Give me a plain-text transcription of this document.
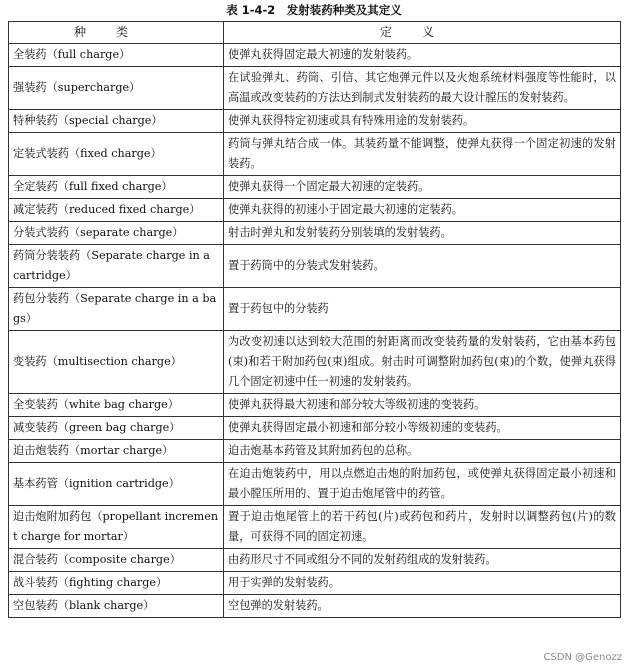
表 1-4-2　发射装药种类及其定义
种类	定义
全装药（full charge）	使弹丸获得固定最大初速的发射装药。
强装药（supercharge）	在试验弹丸、药筒、引信、其它炮弹元件以及火炮系统材料强度等性能时，以高温或改变装药的方法达到制式发射装药的最大设计膛压的发射装药。
特种装药（special charge）	使弹丸获得特定初速或具有特殊用途的发射装药。
定装式装药（fixed charge）	药筒与弹丸结合成一体。其装药量不能调整，使弹丸获得一个固定初速的发射装药。
全定装药（full fixed charge）	使弹丸获得一个固定最大初速的定装药。
减定装药（reduced fixed charge）	使弹丸获得的初速小于固定最大初速的定装药。
分装式装药（separate charge）	射击时弹丸和发射装药分别装填的发射装药。
药筒分装装药（Separate charge in a cartridge）	置于药筒中的分装式发射装药。
药包分装药（Separate charge in a bags）	置于药包中的分装药
变装药（multisection charge）	为改变初速以达到较大范围的射距离而改变装药量的发射装药，它由基本药包(束)和若干附加药包(束)组成。射击时可调整附加药包(束)的个数，使弹丸获得几个固定初速中任一初速的发射装药。
全变装药（white bag charge）	使弹丸获得最大初速和部分较大等级初速的变装药。
减变装药（green bag charge）	使弹丸获得固定最小初速和部分较小等级初速的变装药。
迫击炮装药（mortar charge）	迫击炮基本药管及其附加药包的总称。
基本药管（ignition cartridge）	在迫击炮装药中，用以点燃迫击炮的附加药包，或使弹丸获得固定最小初速和最小膛压所用的、置于迫击炮尾管中的药管。
迫击炮附加药包（propellant increment charge for mortar）	置于迫击炮尾管上的若干药包(片)或药包和药片，发射时以调整药包(片)的数量，可获得不同的固定初速。
混合装药（composite charge）	由药形尺寸不同或组分不同的发射药组成的发射装药。
战斗装药（fighting charge）	用于实弹的发射装药。
空包装药（blank charge）	空包弹的发射装药。
CSDN @Genozz
